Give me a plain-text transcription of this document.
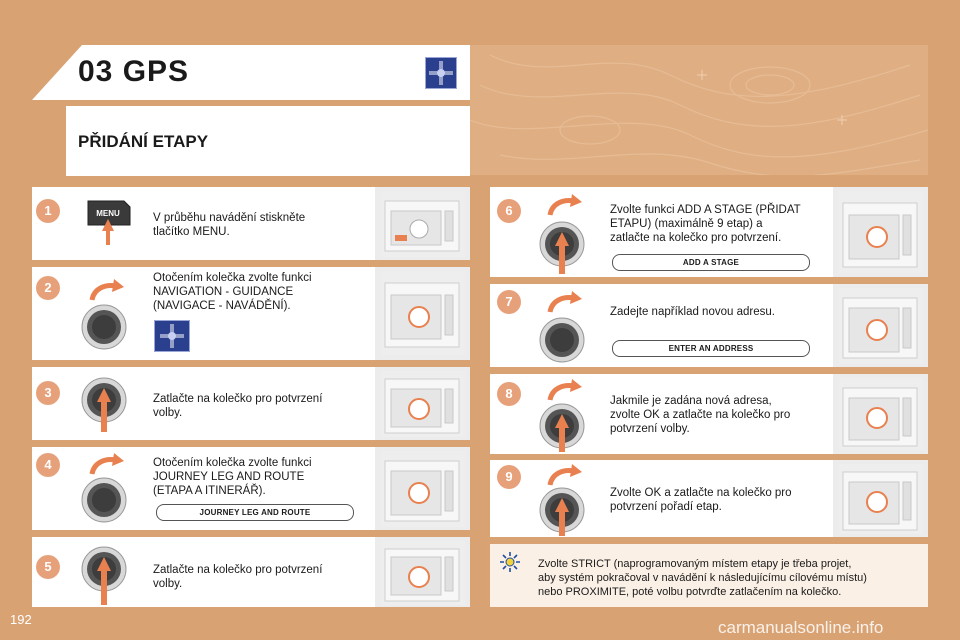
03 GPS
PŘIDÁNÍ ETAPY
1
2
3
4
5
6
7
8
9
MENU	V průběhu navádění stiskněte
tlačítko MENU.
Otočením kolečka zvolte funkci
NAVIGATION - GUIDANCE
(NAVIGACE - NAVÁDĚNÍ).
Zatlačte na kolečko pro potvrzení
volby.
Otočením kolečka zvolte funkci
JOURNEY LEG AND ROUTE
(ETAPA A ITINERÁŘ).
Zatlačte na kolečko pro potvrzení
volby.
Zvolte funkci ADD A STAGE (PŘIDAT
ETAPU) (maximálně 9 etap) a
zatlačte na kolečko pro potvrzení.
Zadejte například novou adresu.
Jakmile je zadána nová adresa,
zvolte OK a zatlačte na kolečko pro
potvrzení volby.
Zvolte OK a zatlačte na kolečko pro
potvrzení pořadí etap.
JOURNEY LEG AND ROUTE
ADD A STAGE
ENTER AN ADDRESS
Zvolte STRICT (naprogramovaným místem etapy je třeba projet,
aby systém pokračoval v navádění k následujícímu cílovému místu)
nebo PROXIMITE, poté volbu potvrďte zatlačením na kolečko.
192	carmanualsonline.info
